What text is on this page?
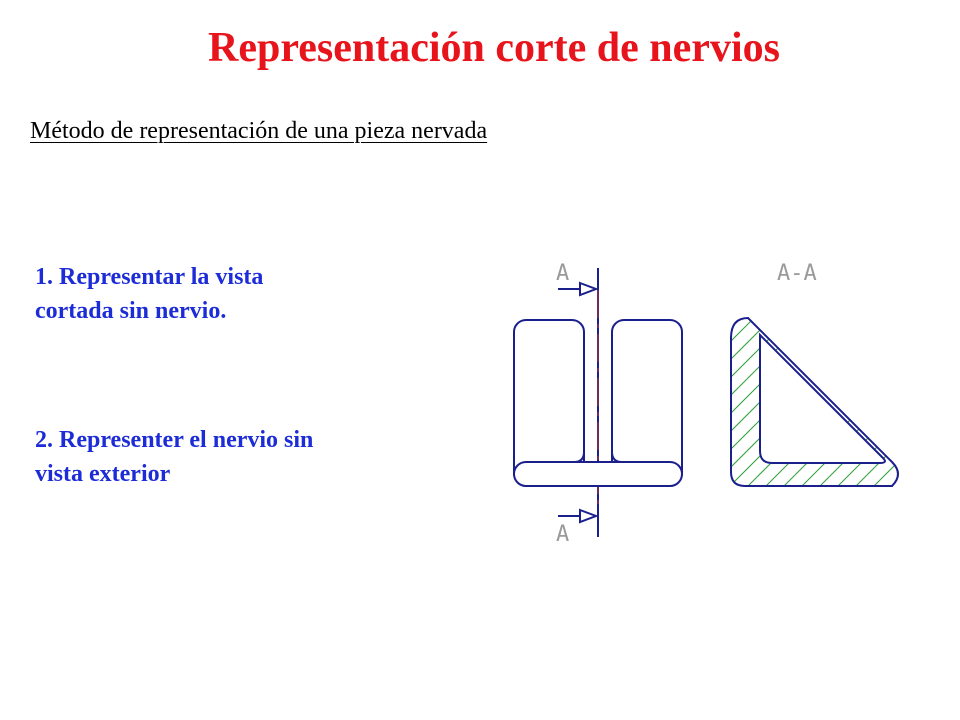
Representación corte de nervios
Método de representación de una pieza nervada
1. Representar la vista
cortada sin nervio.
2. Representer el nervio sin
vista exterior
A
A
A-A
